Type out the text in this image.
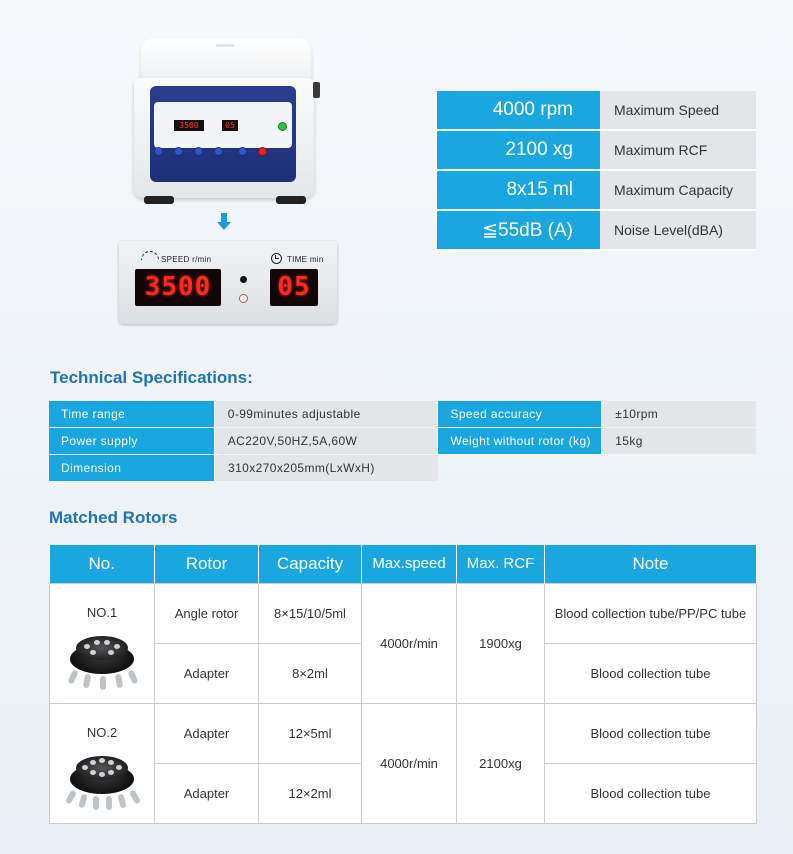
3500	05
SPEED r/min	TIME min
3500	05
4000 rpm	Maximum Speed
2100 xg	Maximum RCF
8x15 ml	Maximum Capacity
≦55dB (A)	Noise Level(dBA)
Technical Specifications:
Time range	0-99minutes adjustable	Speed accuracy	±10rpm
Power supply	AC220V,50HZ,5A,60W	Weight without rotor (kg)	15kg
Dimension	310x270x205mm(LxWxH)
Matched Rotors
No.	Rotor	Capacity	Max.speed	Max. RCF	Note

NO.1	Angle rotor	8×15/10/5ml	4000r/min	1900xg	Blood collection tube/PP/PC tube
	Adapter	8×2ml			Blood collection tube

NO.2	Adapter	12×5ml	4000r/min	2100xg	Blood collection tube
	Adapter	12×2ml			Blood collection tube
